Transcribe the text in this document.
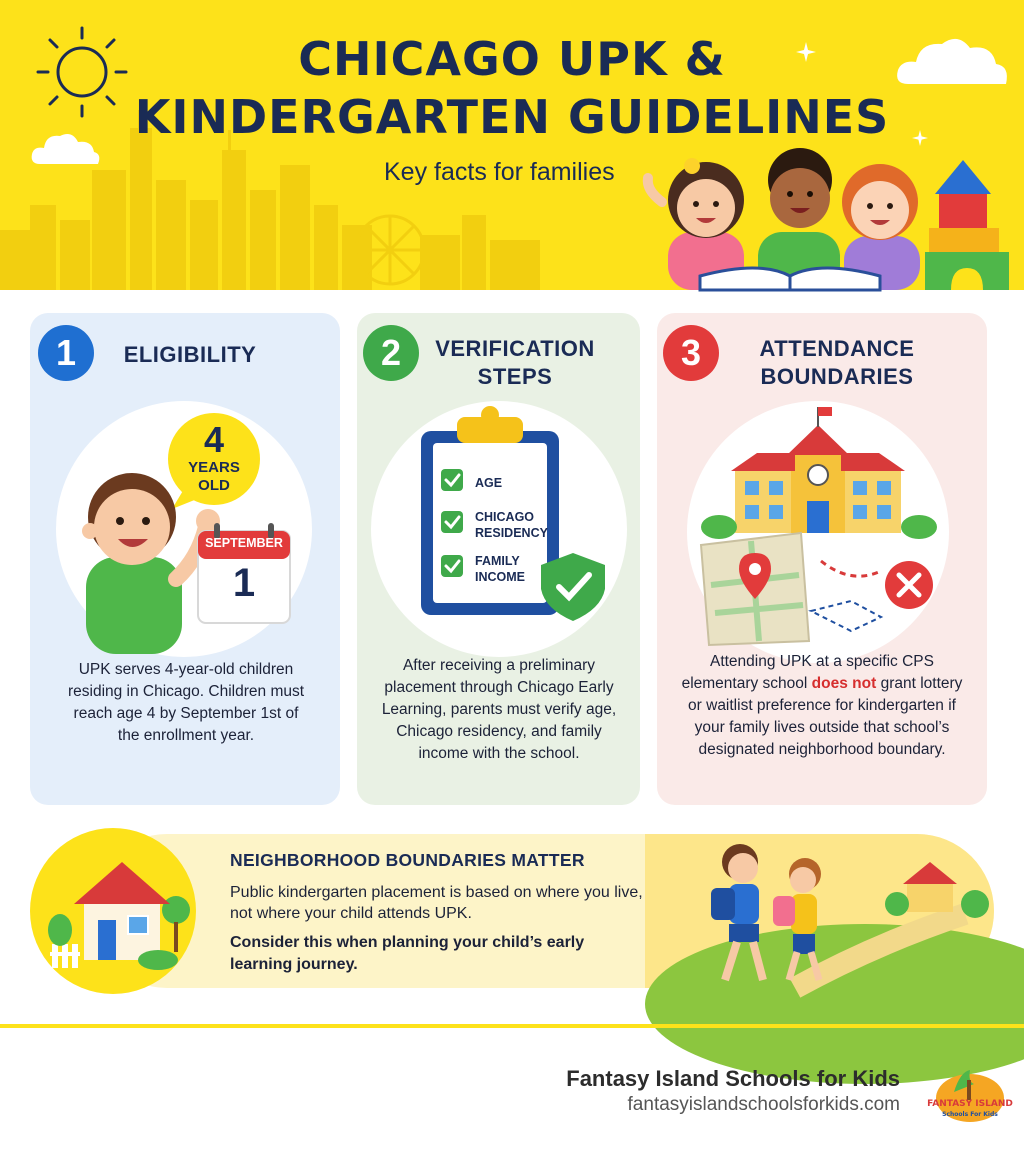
CHICAGO UPK &
KINDERGARTEN GUIDELINES
Key facts for families
1	ELIGIBILITY
4
YEARS
OLD
SEPTEMBER
1
UPK serves 4-year-old children residing in Chicago. Children must reach age 4 by September 1st of the enrollment year.
2	VERIFICATION
STEPS
AGE
CHICAGO RESIDENCY
FAMILY INCOME
After receiving a preliminary placement through Chicago Early Learning, parents must verify age, Chicago residency, and family income with the school.
3	ATTENDANCE
BOUNDARIES
Attending UPK at a specific CPS elementary school does not grant lottery or waitlist preference for kindergarten if your family lives outside that school’s designated neighborhood boundary.
NEIGHBORHOOD BOUNDARIES MATTER
Public kindergarten placement is based on where you live, not where your child attends UPK.
Consider this when planning your child’s early learning journey.
Fantasy Island Schools for Kids
fantasyislandschoolsforkids.com	FANTASY ISLAND
Schools For Kids
